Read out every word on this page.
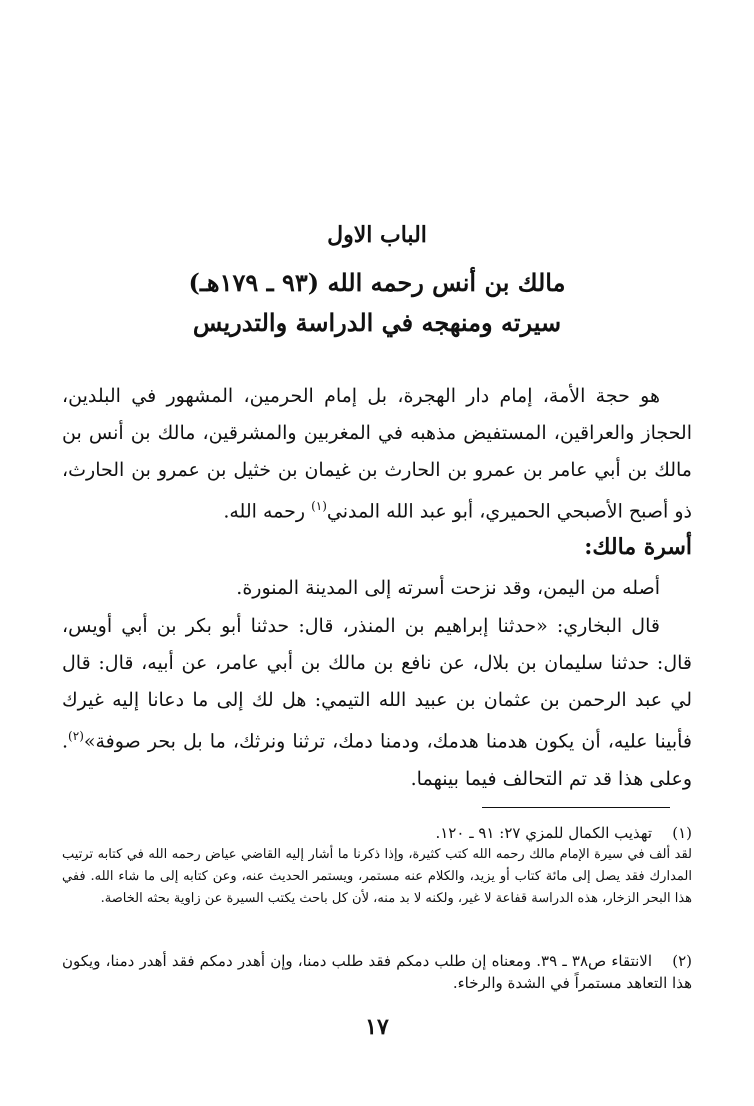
الباب الاول
مالك بن أنس رحمه الله (٩٣ ـ ١٧٩هـ)
سيرته ومنهجه في الدراسة والتدريس
هو حجة الأمة، إمام دار الهجرة، بل إمام الحرمين، المشهور في البلدين، الحجاز والعراقين، المستفيض مذهبه في المغربين والمشرقين، مالك بن أنس بن مالك بن أبي عامر بن عمرو بن الحارث بن غيمان بن خثيل بن عمرو بن الحارث، ذو أصبح الأصبحي الحميري، أبو عبد الله المدني$^{(١)}$ رحمه الله.
أسرة مالك:
أصله من اليمن، وقد نزحت أسرته إلى المدينة المنورة.
قال البخاري: «حدثنا إبراهيم بن المنذر، قال: حدثنا أبو بكر بن أبي أويس، قال: حدثنا سليمان بن بلال، عن نافع بن مالك بن أبي عامر، عن أبيه، قال: قال لي عبد الرحمن بن عثمان بن عبيد الله التيمي: هل لك إلى ما دعانا إليه غيرك فأبينا عليه، أن يكون هدمنا هدمك، ودمنا دمك، ترثنا ونرثك، ما بل بحر صوفة»$^{(٢)}$. وعلى هذا قد تم التحالف فيما بينهما.
(١)تهذيب الكمال للمزي ٢٧: ٩١ ـ ١٢٠.
لقد ألف في سيرة الإمام مالك رحمه الله كتب كثيرة، وإذا ذكرنا ما أشار إليه القاضي عياض رحمه الله في كتابه ترتيب المدارك فقد يصل إلى مائة كتاب أو يزيد، والكلام عنه مستمر، ويستمر الحديث عنه، وعن كتابه إلى ما شاء الله. ففي هذا البحر الزخار، هذه الدراسة قفاعة لا غير، ولكنه لا بد منه، لأن كل باحث يكتب السيرة عن زاوية بحثه الخاصة.
(٢)الانتقاء ص٣٨ ـ ٣٩. ومعناه إن طلب دمكم فقد طلب دمنا، وإن أهدر دمكم فقد أهدر دمنا، ويكون هذا التعاهد مستمراً في الشدة والرخاء.
١٧
